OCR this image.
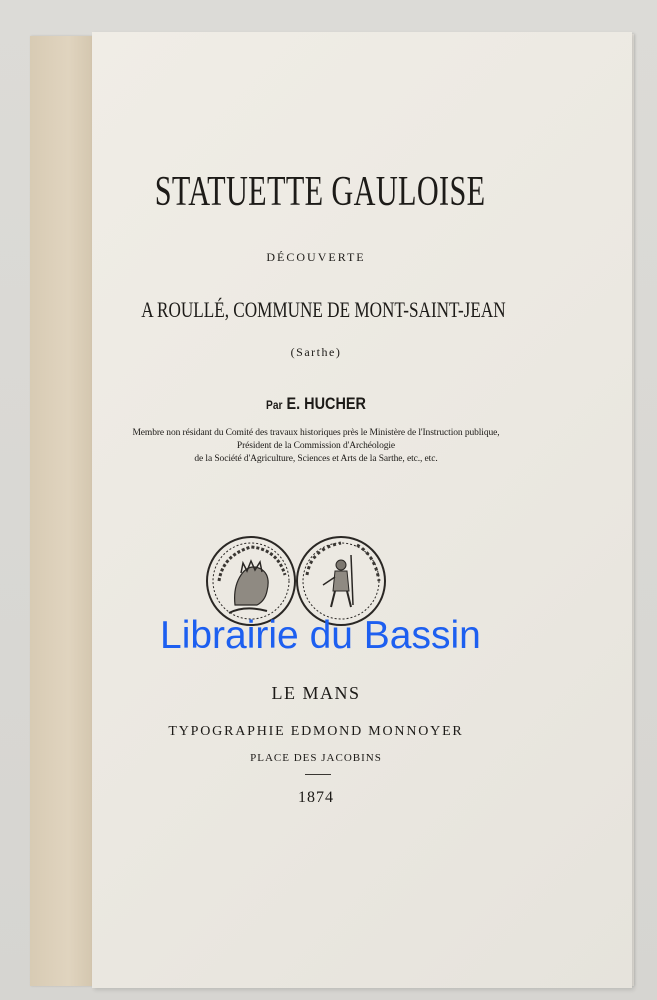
STATUETTE GAULOISE
DÉCOUVERTE
A ROULLÉ, COMMUNE DE MONT-SAINT-JEAN
(Sarthe)
Par E. HUCHER
Membre non résidant du Comité des travaux historiques près le Ministère de l'Instruction publique,
Président de la Commission d'Archéologie
de la Société d'Agriculture, Sciences et Arts de la Sarthe, etc., etc.
Librairie du Bassin
LE MANS
TYPOGRAPHIE EDMOND MONNOYER
PLACE DES JACOBINS
1874
